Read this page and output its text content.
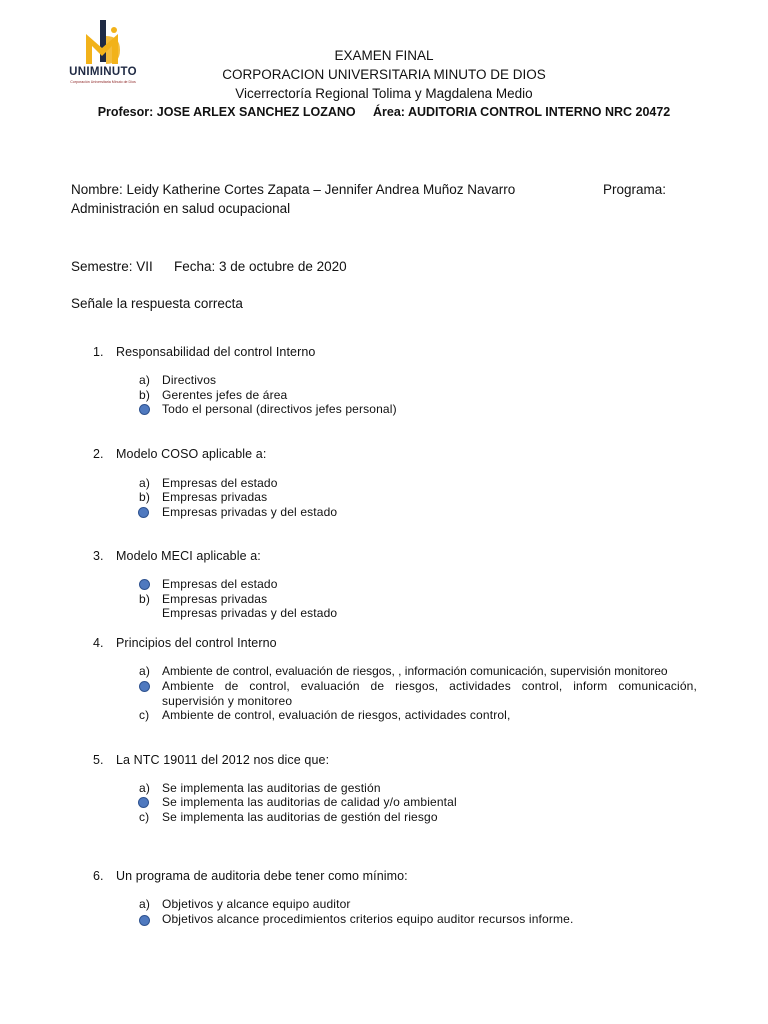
UNIMINUTO
Corporación Universitaria Minuto de Dios
EXAMEN FINAL
CORPORACION UNIVERSITARIA MINUTO DE DIOS
Vicerrectoría Regional Tolima y Magdalena Medio
Profesor: JOSE ARLEX SANCHEZ LOZANO     Área: AUDITORIA CONTROL INTERNO NRC 20472
Nombre: Leidy Katherine Cortes Zapata – Jennifer Andrea Muñoz Navarro	Programa:
Administración en salud ocupacional
Semestre: VII Fecha: 3 de octubre de 2020
Señale la respuesta correcta
1. Responsabilidad del control Interno
a) Directivos
b) Gerentes jefes de área
Todo el personal (directivos jefes personal)
2. Modelo COSO aplicable a:
a) Empresas del estado
b) Empresas privadas
Empresas privadas y del estado
3. Modelo MECI aplicable a:
Empresas del estado
b) Empresas privadas
Empresas privadas y del estado
4. Principios del control Interno
a) Ambiente de control, evaluación de riesgos, , información comunicación, supervisión monitoreo
Ambiente de control, evaluación de riesgos, actividades control, inform comunicación,
supervisión y monitoreo
c) Ambiente de control, evaluación de riesgos, actividades control,
5. La NTC 19011 del 2012 nos dice que:
a) Se implementa las auditorias de gestión
Se implementa las auditorias de calidad y/o ambiental
c) Se implementa las auditorias de gestión del riesgo
6. Un programa de auditoria debe tener como mínimo:
a) Objetivos y alcance equipo auditor
Objetivos alcance procedimientos criterios equipo auditor recursos informe.
